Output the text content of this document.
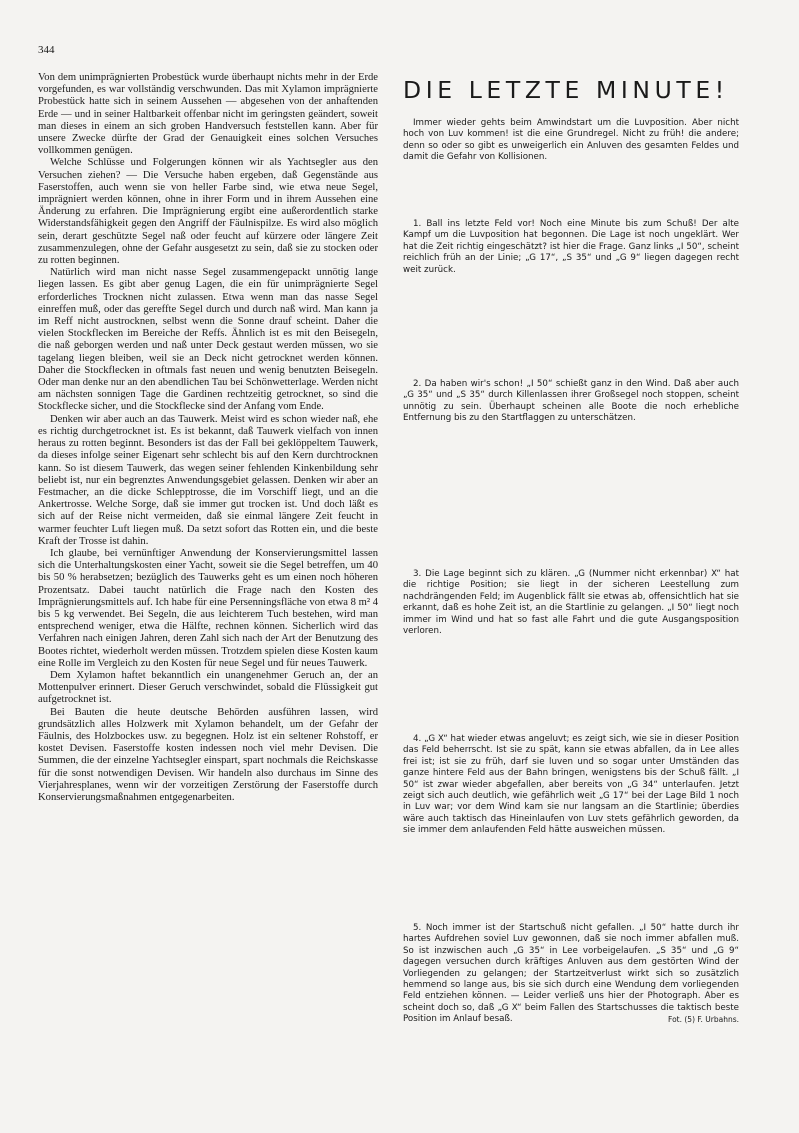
344

Von dem unimprägnierten Probestück wurde überhaupt nichts mehr in der Erde vorgefunden, es war vollständig verschwunden. Das mit Xylamon imprägnierte Probestück hatte sich in seinem Aussehen — abgesehen von der anhaftenden Erde — und in seiner Haltbarkeit offenbar nicht im geringsten geändert, soweit man dieses in einem an sich groben Handversuch feststellen kann. Aber für unsere Zwecke dürfte der Grad der Genauigkeit eines solchen Versuches vollkommen genügen.

Welche Schlüsse und Folgerungen können wir als Yachtsegler aus den Versuchen ziehen? — Die Versuche haben ergeben, daß Gegenstände aus Faserstoffen, auch wenn sie von heller Farbe sind, wie etwa neue Segel, imprägniert werden können, ohne in ihrer Form und in ihrem Aussehen eine Änderung zu erfahren. Die Imprägnierung ergibt eine außerordentlich starke Widerstandsfähigkeit gegen den Angriff der Fäulnispilze. Es wird also möglich sein, derart geschützte Segel naß oder feucht auf kürzere oder längere Zeit zusammenzulegen, ohne der Gefahr ausgesetzt zu sein, daß sie zu stocken oder zu rotten beginnen.

Natürlich wird man nicht nasse Segel zusammengepackt unnötig lange liegen lassen. Es gibt aber genug Lagen, die ein für unimprägnierte Segel erforderliches Trocknen nicht zulassen. Etwa wenn man das nasse Segel einreffen muß, oder das gereffte Segel durch und durch naß wird. Man kann ja im Reff nicht austrocknen, selbst wenn die Sonne drauf scheint. Daher die vielen Stockflecken im Bereiche der Reffs. Ähnlich ist es mit den Beisegeln, die naß geborgen werden und naß unter Deck gestaut werden müssen, wo sie tagelang liegen bleiben, weil sie an Deck nicht getrocknet werden können. Daher die Stockflecken in oftmals fast neuen und wenig benutzten Beisegeln. Oder man denke nur an den abendlichen Tau bei Schönwetterlage. Werden nicht am nächsten sonnigen Tage die Gardinen rechtzeitig getrocknet, so sind die Stockflecke sicher, und die Stockflecke sind der Anfang vom Ende.

Denken wir aber auch an das Tauwerk. Meist wird es schon wieder naß, ehe es richtig durchgetrocknet ist. Es ist bekannt, daß Tauwerk vielfach von innen heraus zu rotten beginnt. Besonders ist das der Fall bei geklöppeltem Tauwerk, da dieses infolge seiner Eigenart sehr schlecht bis auf den Kern durchtrocknen kann. So ist diesem Tauwerk, das wegen seiner fehlenden Kinkenbildung sehr beliebt ist, nur ein begrenztes Anwendungsgebiet gelassen. Denken wir aber an Festmacher, an die dicke Schlepptrosse, die im Vorschiff liegt, und an die Ankertrosse. Welche Sorge, daß sie immer gut trocken ist. Und doch läßt es sich auf der Reise nicht vermeiden, daß sie einmal längere Zeit feucht in warmer feuchter Luft liegen muß. Da setzt sofort das Rotten ein, und die beste Kraft der Trosse ist dahin.

Ich glaube, bei vernünftiger Anwendung der Konservierungsmittel lassen sich die Unterhaltungskosten einer Yacht, soweit sie die Segel betreffen, um 40 bis 50 % herabsetzen; bezüglich des Tauwerks geht es um einen noch höheren Prozentsatz. Dabei taucht natürlich die Frage nach den Kosten des Imprägnierungsmittels auf. Ich habe für eine Persenningsfläche von etwa 8 m² 4 bis 5 kg verwendet. Bei Segeln, die aus leichterem Tuch bestehen, wird man entsprechend weniger, etwa die Hälfte, rechnen können. Sicherlich wird das Verfahren nach einigen Jahren, deren Zahl sich nach der Art der Benutzung des Bootes richtet, wiederholt werden müssen. Trotzdem spielen diese Kosten kaum eine Rolle im Vergleich zu den Kosten für neue Segel und für neues Tauwerk.

Dem Xylamon haftet bekanntlich ein unangenehmer Geruch an, der an Mottenpulver erinnert. Dieser Geruch verschwindet, sobald die Flüssigkeit gut aufgetrocknet ist.

Bei Bauten die heute deutsche Behörden ausführen lassen, wird grundsätzlich alles Holzwerk mit Xylamon behandelt, um der Gefahr der Fäulnis, des Holzbockes usw. zu begegnen. Holz ist ein seltener Rohstoff, er kostet Devisen. Faserstoffe kosten indessen noch viel mehr Devisen. Die Summen, die der einzelne Yachtsegler einspart, spart nochmals die Reichskasse für die sonst notwendigen Devisen. Wir handeln also durchaus im Sinne des Vierjahresplanes, wenn wir der vorzeitigen Zerstörung der Faserstoffe durch Konservierungsmaßnahmen entgegenarbeiten.

DIE LETZTE MINUTE!

Immer wieder gehts beim Amwindstart um die Luvposition. Aber nicht hoch von Luv kommen! ist die eine Grundregel. Nicht zu früh! die andere; denn so oder so gibt es unweigerlich ein Anluven des gesamten Feldes und damit die Gefahr von Kollisionen.

1. Ball ins letzte Feld vor! Noch eine Minute bis zum Schuß! Der alte Kampf um die Luvposition hat begonnen. Die Lage ist noch ungeklärt. Wer hat die Zeit richtig eingeschätzt? ist hier die Frage. Ganz links „I 50“, scheint reichlich früh an der Linie; „G 17“, „S 35“ und „G 9“ liegen dagegen recht weit zurück.

2. Da haben wir's schon! „I 50“ schießt ganz in den Wind. Daß aber auch „G 35“ und „S 35“ durch Killenlassen ihrer Großsegel noch stoppen, scheint unnötig zu sein. Überhaupt scheinen alle Boote die noch erhebliche Entfernung bis zu den Startflaggen zu unterschätzen.

3. Die Lage beginnt sich zu klären. „G (Nummer nicht erkennbar) X“ hat die richtige Position; sie liegt in der sicheren Leestellung zum nachdrängenden Feld; im Augenblick fällt sie etwas ab, offensichtlich hat sie erkannt, daß es hohe Zeit ist, an die Startlinie zu gelangen. „I 50“ liegt noch immer im Wind und hat so fast alle Fahrt und die gute Ausgangsposition verloren.

4. „G X“ hat wieder etwas angeluvt; es zeigt sich, wie sie in dieser Position das Feld beherrscht. Ist sie zu spät, kann sie etwas abfallen, da in Lee alles frei ist; ist sie zu früh, darf sie luven und so sogar unter Umständen das ganze hintere Feld aus der Bahn bringen, wenigstens bis der Schuß fällt. „I 50“ ist zwar wieder abgefallen, aber bereits von „G 34“ unterlaufen. Jetzt zeigt sich auch deutlich, wie gefährlich weit „G 17“ bei der Lage Bild 1 noch in Luv war; vor dem Wind kam sie nur langsam an die Startlinie; überdies wäre auch taktisch das Hineinlaufen von Luv stets gefährlich geworden, da sie immer dem anlaufenden Feld hätte ausweichen müssen.

5. Noch immer ist der Startschuß nicht gefallen. „I 50“ hatte durch ihr hartes Aufdrehen soviel Luv gewonnen, daß sie noch immer abfallen muß. So ist inzwischen auch „G 35“ in Lee vorbeigelaufen. „S 35“ und „G 9“ dagegen versuchen durch kräftiges Anluven aus dem gestörten Wind der Vorliegenden zu gelangen; der Startzeitverlust wirkt sich so zusätzlich hemmend so lange aus, bis sie sich durch eine Wendung dem vorliegenden Feld entziehen können. — Leider verließ uns hier der Photograph. Aber es scheint doch so, daß „G X“ beim Fallen des Startschusses die taktisch beste Position im Anlauf besaß.	Fot. (5) F. Urbahns.
